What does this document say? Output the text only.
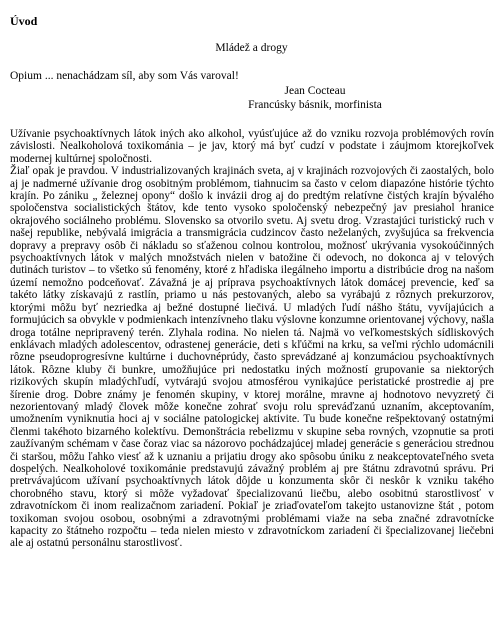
Úvod
Mládež a drogy
Opium ... nenachádzam síl, aby som Vás varoval!
Jean Cocteau
Francúsky básnik, morfinista

Užívanie psychoaktívnych látok iných ako alkohol, vyúsťujúce až do vzniku rozvoja problémových rovín závislosti. Nealkoholová toxikománia – je jav, ktorý má byť cudzí v podstate i záujmom ktorejkoľvek modernej kultúrnej spoločnosti.

Žiaľ opak je pravdou. V industrializovaných krajinách sveta, aj v krajinách rozvojových či zaostalých, bolo aj je nadmerné užívanie drog osobitným problémom, tiahnucim sa často v celom diapazóne histórie týchto krajín. Po zániku „ železnej opony“ došlo k invázii drog aj do predtým relatívne čistých krajín bývalého spoločenstva socialistických štátov, kde tento vysoko spoločenský nebezpečný jav presiahol hranice okrajového sociálneho problému. Slovensko sa otvorilo svetu. Aj svetu drog. Vzrastajúci turistický ruch v našej republike, nebývalá imigrácia a transmigrácia cudzincov často neželaných, zvyšujúca sa frekvencia dopravy a prepravy osôb či nákladu so sťaženou colnou kontrolou, možnosť ukrývania vysokoúčinných psychoaktívnych látok v malých množstvách nielen v batožine či odevoch, no dokonca aj v telových dutinách turistov – to všetko sú fenomény, ktoré z hľadiska ilegálneho importu a distribúcie drog na našom území nemožno podceňovať. Závažná je aj príprava psychoaktívnych látok domácej prevencie, keď sa takéto látky získavajú z rastlín, priamo u nás pestovaných, alebo sa vyrábajú z rôznych prekurzorov, ktorými môžu byť nezriedka aj bežné dostupné liečivá. U mladých ľudí nášho štátu, vyvíjajúcich a formujúcich sa obvykle v podmienkach intenzívneho tlaku výslovne konzumne orientovanej výchovy, našla droga totálne nepripravený terén. Zlyhala rodina. No nielen tá. Najmä vo veľkomestských sídliskových enklávach mladých adolescentov, odrastenej generácie, deti s kľúčmi na krku, sa veľmi rýchlo udomácnili rôzne pseudoprogresívne kultúrne i duchovnéprúdy, často sprevádzané aj konzumáciou psychoaktívnych látok. Rôzne kluby či bunkre, umožňujúce pri nedostatku iných možností grupovanie sa niektorých rizikových skupín mladýchľudí, vytvárajú svojou atmosférou vynikajúce peristatické prostredie aj pre šírenie drog. Dobre známy je fenomén skupiny, v ktorej morálne, mravne aj hodnotovo nevyzretý či nezorientovaný mladý človek môže konečne zohrať svoju rolu spreváďzanú uznaním, akceptovaním, umožnením vyniknutia hoci aj v sociálne patologickej aktivite. Tu bude konečne rešpektovaný ostatnými členmi takéhoto bizarného kolektívu. Demonštrácia rebelizmu v skupine seba rovných, vzopnutie sa proti zaužívaným schémam v čase čoraz viac sa názorovo pochádzajúcej mladej generácie s generáciou strednou či staršou, môžu ľahko viesť až k uznaniu a prijatiu drogy ako spôsobu úniku z neakceptovateľného sveta dospelých. Nealkoholové toxikománie predstavujú závažný problém aj pre štátnu zdravotnú správu. Pri pretrvávajúcom užívaní psychoaktívnych látok dôjde u konzumenta skôr či neskôr k vzniku takého chorobného stavu, ktorý si môže vyžadovať špecializovanú liečbu, alebo osobitnú starostlivosť v zdravotníckom či inom realizačnom zariadení. Pokiaľ je zriaďovateľom takejto ustanovizne štát , potom toxikoman svojou osobou, osobnými a zdravotnými problémami viaže na seba značné zdravotnícke kapacity zo štátneho rozpočtu – teda nielen miesto v zdravotníckom zariadení či špecializovanej liečebni ale aj ostatnú personálnu starostlivosť.
